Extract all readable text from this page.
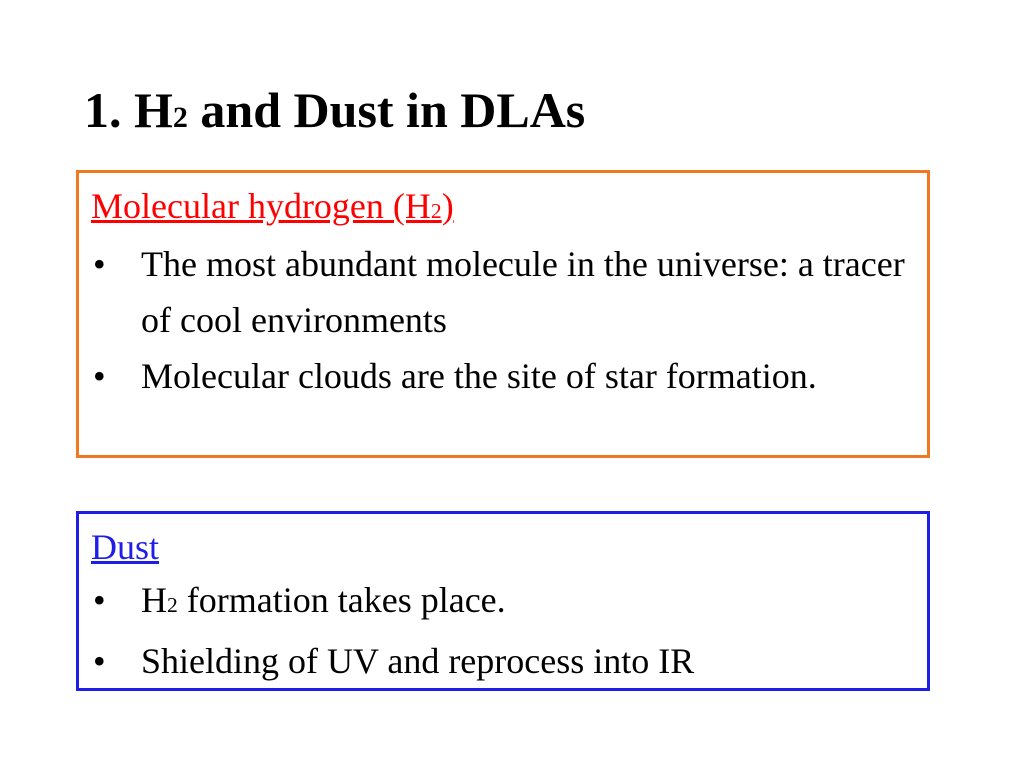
1. H2 and Dust in DLAs
Molecular hydrogen (H2)
• The most abundant molecule in the universe: a tracer of cool environments
• Molecular clouds are the site of star formation.
Dust
• H2 formation takes place.
• Shielding of UV and reprocess into IR
